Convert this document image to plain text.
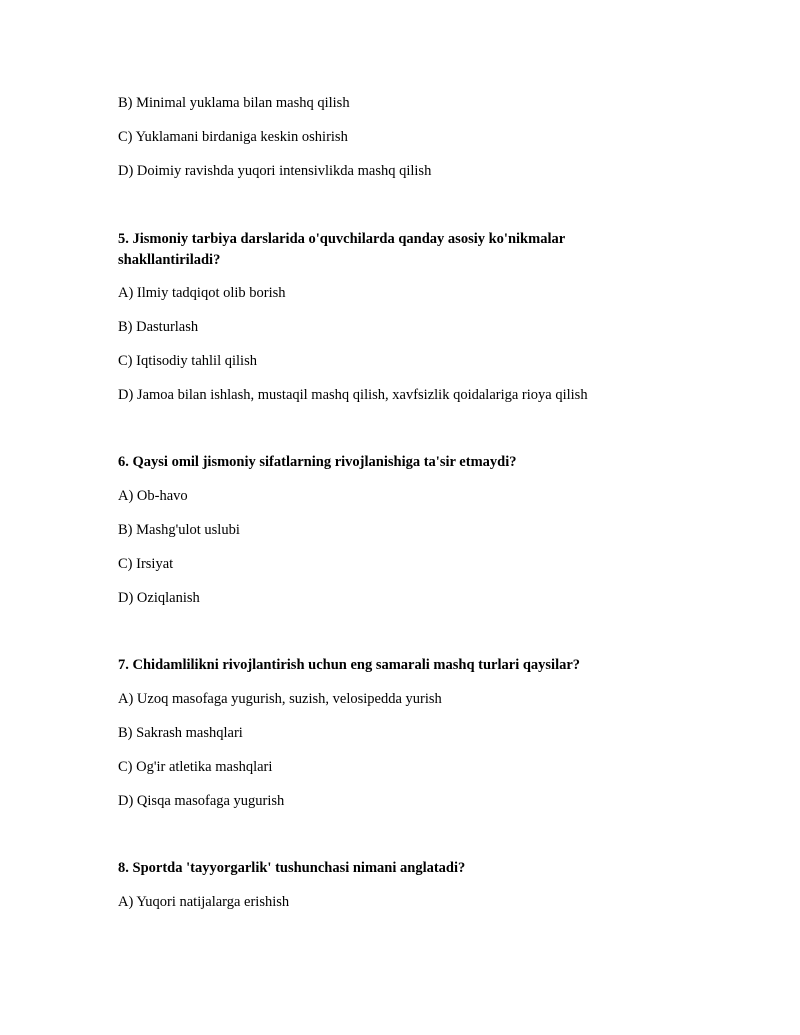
B) Minimal yuklama bilan mashq qilish
C) Yuklamani birdaniga keskin oshirish
D) Doimiy ravishda yuqori intensivlikda mashq qilish
5. Jismoniy tarbiya darslarida o'quvchilarda qanday asosiy ko'nikmalar shakllantiriladi?
A) Ilmiy tadqiqot olib borish
B) Dasturlash
C) Iqtisodiy tahlil qilish
D) Jamoa bilan ishlash, mustaqil mashq qilish, xavfsizlik qoidalariga rioya qilish
6. Qaysi omil jismoniy sifatlarning rivojlanishiga ta'sir etmaydi?
A) Ob-havo
B) Mashg'ulot uslubi
C) Irsiyat
D) Oziqlanish
7. Chidamlilikni rivojlantirish uchun eng samarali mashq turlari qaysilar?
A) Uzoq masofaga yugurish, suzish, velosipedda yurish
B) Sakrash mashqlari
C) Og'ir atletika mashqlari
D) Qisqa masofaga yugurish
8. Sportda 'tayyorgarlik' tushunchasi nimani anglatadi?
A) Yuqori natijalarga erishish
